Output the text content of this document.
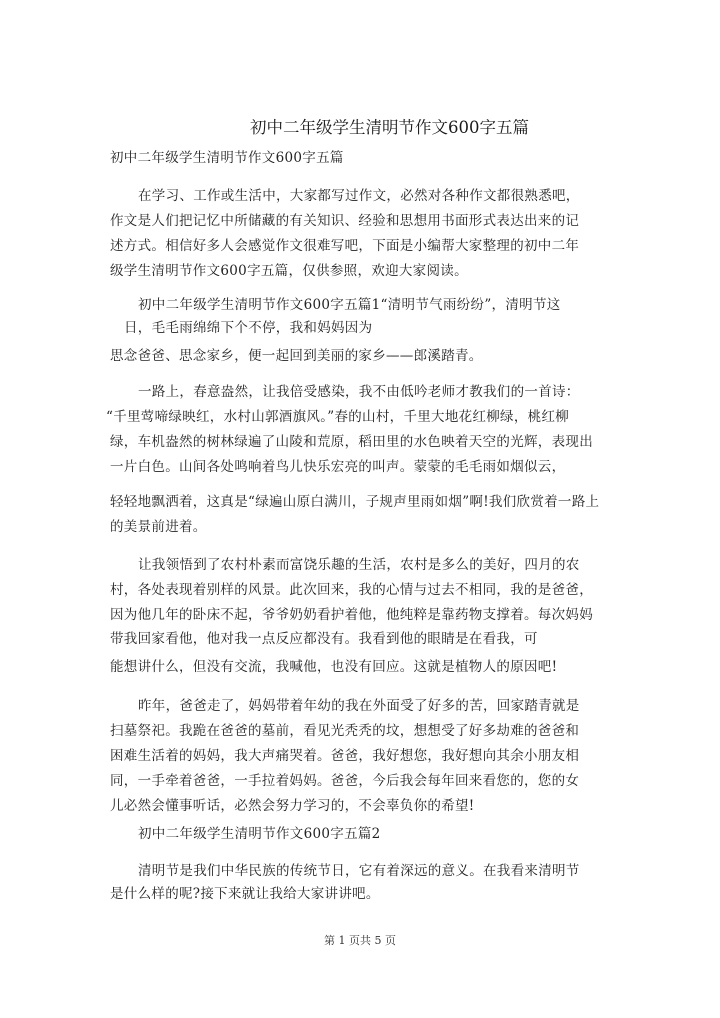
初中二年级学生清明节作文600字五篇
初中二年级学生清明节作文600字五篇
在学习、工作或生活中，大家都写过作文，必然对各种作文都很熟悉吧，
作文是人们把记忆中所储藏的有关知识、经验和思想用书面形式表达出来的记
述方式。相信好多人会感觉作文很难写吧，下面是小编帮大家整理的初中二年
级学生清明节作文600字五篇，仅供参照，欢迎大家阅读。
初中二年级学生清明节作文600字五篇1“清明节气雨纷纷”，清明节这
日，毛毛雨绵绵下个不停，我和妈妈因为
思念爸爸、思念家乡，便一起回到美丽的家乡——郎溪踏青。
一路上，春意盎然，让我倍受感染，我不由低吟老师才教我们的一首诗：
“千里莺啼绿映红，水村山郭酒旗风。”春的山村，千里大地花红柳绿，桃红柳
绿，车机盎然的树林绿遍了山陵和荒原，稻田里的水色映着天空的光辉，表现出
一片白色。山间各处鸣响着鸟儿快乐宏亮的叫声。蒙蒙的毛毛雨如烟似云，
轻轻地飘洒着，这真是“绿遍山原白满川，子规声里雨如烟”啊!我们欣赏着一路上
的美景前进着。
让我领悟到了农村朴素而富饶乐趣的生活，农村是多么的美好，四月的农
村，各处表现着别样的风景。此次回来，我的心情与过去不相同，我的是爸爸，
因为他几年的卧床不起，爷爷奶奶看护着他，他纯粹是靠药物支撑着。每次妈妈
带我回家看他，他对我一点反应都没有。我看到他的眼睛是在看我，可
能想讲什么，但没有交流，我喊他，也没有回应。这就是植物人的原因吧!
昨年，爸爸走了，妈妈带着年幼的我在外面受了好多的苦，回家踏青就是
扫墓祭祀。我跪在爸爸的墓前，看见光秃秃的坟，想想受了好多劫难的爸爸和
困难生活着的妈妈，我大声痛哭着。爸爸，我好想您，我好想向其余小朋友相
同，一手牵着爸爸，一手拉着妈妈。爸爸，今后我会每年回来看您的，您的女
儿必然会懂事听话，必然会努力学习的，不会辜负你的希望!
初中二年级学生清明节作文600字五篇2
清明节是我们中华民族的传统节日，它有着深远的意义。在我看来清明节
是什么样的呢?接下来就让我给大家讲讲吧。
第 1 页共 5 页
